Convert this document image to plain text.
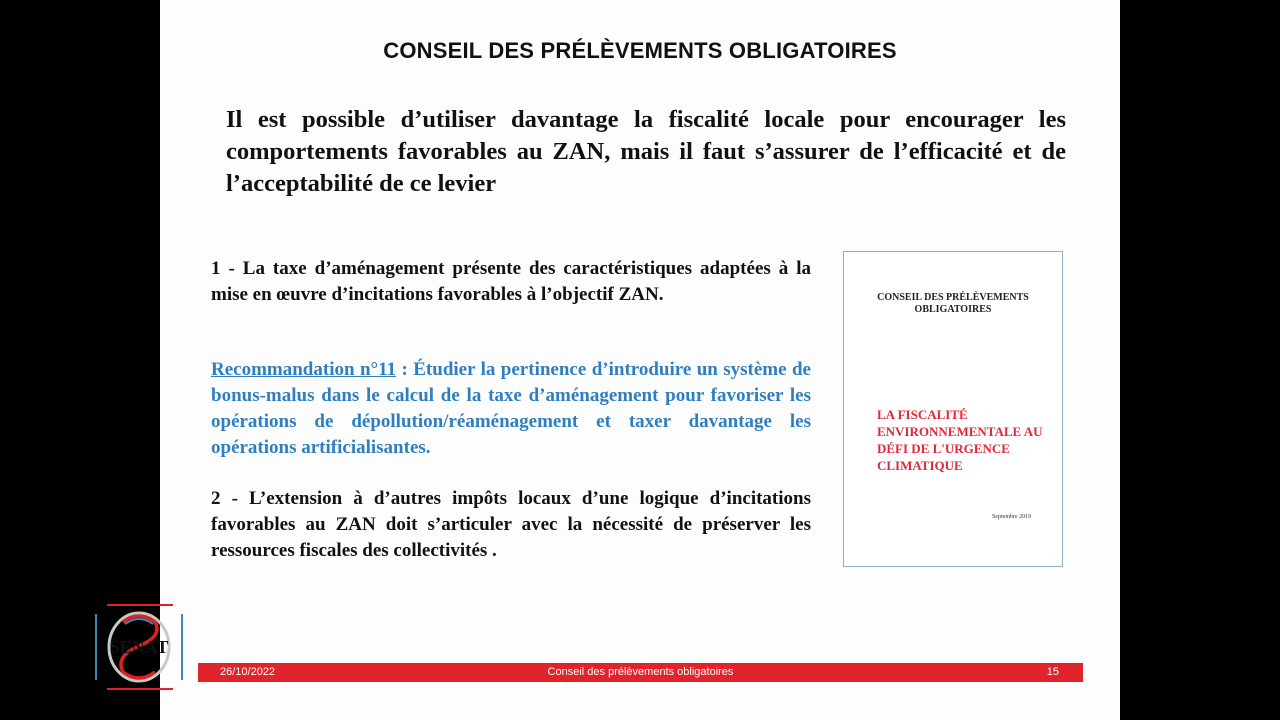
CONSEIL DES PRÉLÈVEMENTS OBLIGATOIRES
Il est possible d’utiliser davantage la fiscalité locale pour encourager les comportements favorables au ZAN, mais il faut s’assurer de l’efficacité et de l’acceptabilité de ce levier
1 - La taxe d’aménagement présente des caractéristiques adaptées à la mise en œuvre d’incitations favorables à l’objectif ZAN.
Recommandation n°11 : Étudier la pertinence d’introduire un système de bonus-malus dans le calcul de la taxe d’aménagement pour favoriser les opérations de dépollution/réaménagement et taxer davantage les opérations artificialisantes.
2 - L’extension à d’autres impôts locaux d’une logique d’incitations favorables au ZAN doit s’articuler avec la nécessité de préserver les ressources fiscales des collectivités .
CONSEIL DES PRÉLÈVEMENTS OBLIGATOIRES
LA FISCALITÉ ENVIRONNEMENTALE AU DÉFI DE L'URGENCE CLIMATIQUE
Septembre 2019
Conseil des prélèvements obligatoires
26/10/2022	15
SENAT
